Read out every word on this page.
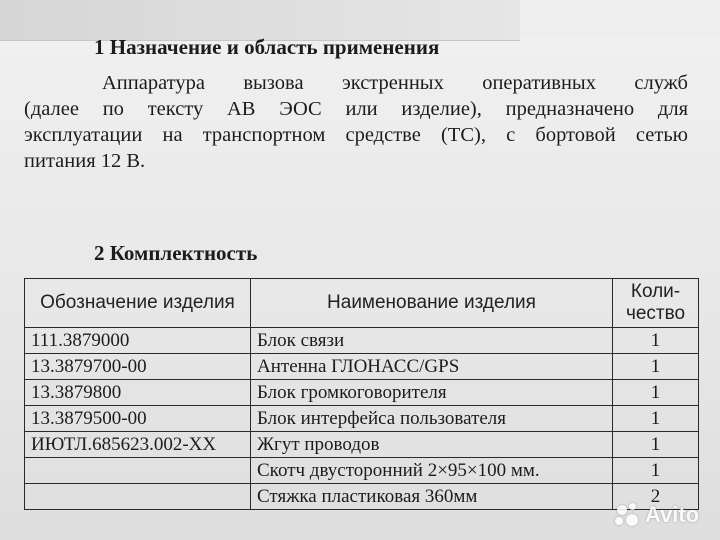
1 Назначение и область применения
Аппаратура вызова экстренных оперативных служб
(далее по тексту АВ ЭОС или изделие), предназначено для
эксплуатации на транспортном средстве (ТС), с бортовой сетью
питания 12 В.
2 Комплектность
Обозначение изделия	Наименование изделия	Коли-
чество
111.3879000	Блок связи	1
13.3879700-00	Антенна ГЛОНАСС/GPS	1
13.3879800	Блок громкоговорителя	1
13.3879500-00	Блок интерфейса пользователя	1
ИЮТЛ.685623.002-ХХ	Жгут проводов	1
	Скотч двусторонний 2×95×100 мм.	1
	Стяжка пластиковая 360мм	2
Avito
